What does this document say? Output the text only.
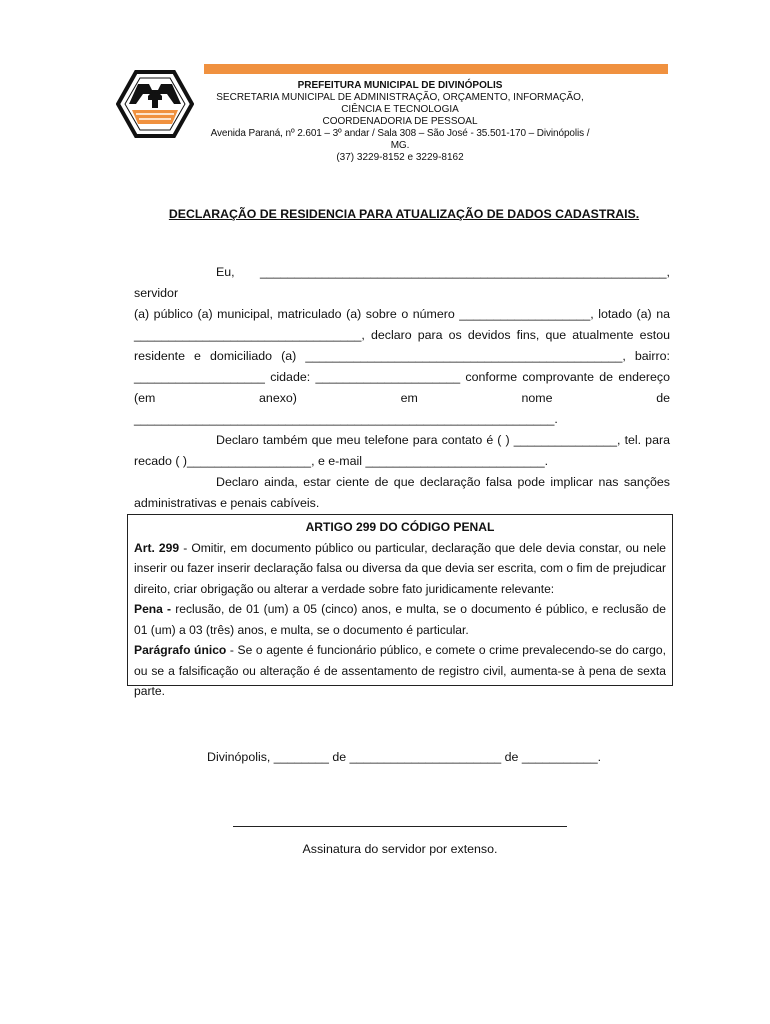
PREFEITURA MUNICIPAL DE DIVINÓPOLIS
SECRETARIA MUNICIPAL DE ADMINISTRAÇÃO, ORÇAMENTO, INFORMAÇÃO, CIÊNCIA E TECNOLOGIA
COORDENADORIA DE PESSOAL
Avenida Paraná, nº 2.601 – 3º andar / Sala 308 – São José - 35.501-170 – Divinópolis / MG.
(37) 3229-8152 e 3229-8162
DECLARAÇÃO DE RESIDENCIA PARA ATUALIZAÇÃO DE DADOS CADASTRAIS.

Eu, ___________________________________________________________, servidor

(a) público (a) municipal, matriculado (a) sobre o número ___________________, lotado (a) na

_________________________________, declaro para os devidos fins, que atualmente estou

residente e domiciliado (a) ______________________________________________, bairro:

___________________ cidade: _____________________ conforme comprovante de endereço

(em anexo) em nome de _____________________________________________________________.

Declaro também que meu telefone para contato é ( ) _______________, tel. para

recado ( )__________________, e e-mail __________________________.

Declaro ainda, estar ciente de que declaração falsa pode implicar nas sanções

administrativas e penais cabíveis.

ARTIGO 299 DO CÓDIGO PENAL

Art. 299 - Omitir, em documento público ou particular, declaração que dele devia constar, ou nele inserir ou fazer inserir declaração falsa ou diversa da que devia ser escrita, com o fim de prejudicar direito, criar obrigação ou alterar a verdade sobre fato juridicamente relevante:

Pena - reclusão, de 01 (um) a 05 (cinco) anos, e multa, se o documento é público, e reclusão de 01 (um) a 03 (três) anos, e multa, se o documento é particular.

Parágrafo único - Se o agente é funcionário público, e comete o crime prevalecendo-se do cargo, ou se a falsificação ou alteração é de assentamento de registro civil, aumenta-se à pena de sexta parte.

Divinópolis, ________ de ______________________ de ___________.
Assinatura do servidor por extenso.
